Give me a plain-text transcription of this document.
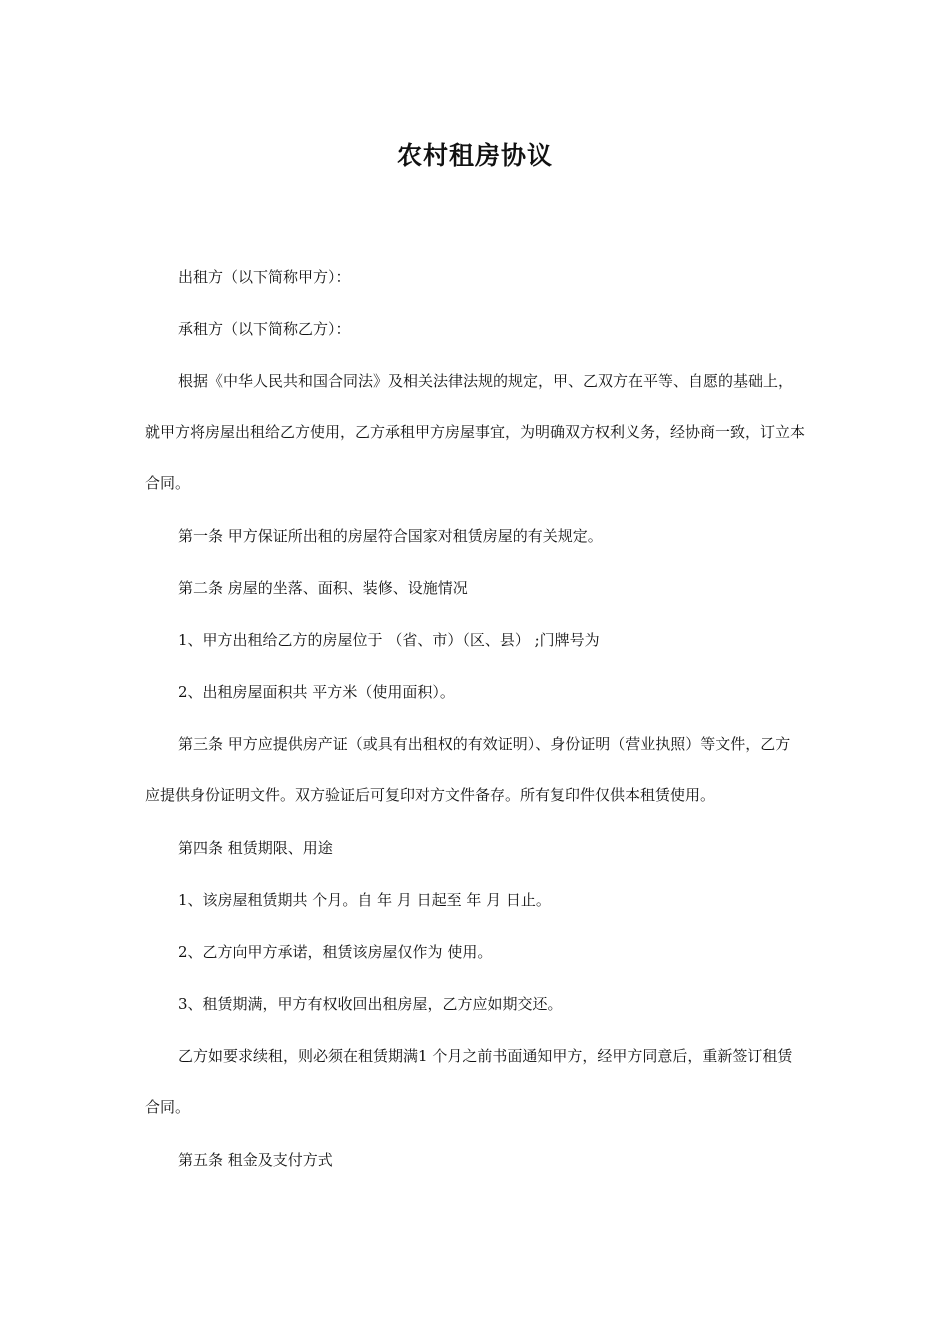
农村租房协议

出租方（以下简称甲方）：

承租方（以下简称乙方）：

根据《中华人民共和国合同法》及相关法律法规的规定，甲、乙双方在平等、自愿的基础上，就甲方将房屋出租给乙方使用，乙方承租甲方房屋事宜，为明确双方权利义务，经协商一致，订立本合同。

第一条 甲方保证所出租的房屋符合国家对租赁房屋的有关规定。

第二条 房屋的坐落、面积、装修、设施情况

1、甲方出租给乙方的房屋位于 （省、市）（区、县） ;门牌号为

2、出租房屋面积共 平方米（使用面积）。

第三条 甲方应提供房产证（或具有出租权的有效证明）、身份证明（营业执照）等文件，乙方应提供身份证明文件。双方验证后可复印对方文件备存。所有复印件仅供本租赁使用。

第四条 租赁期限、用途

1、该房屋租赁期共 个月。自 年 月 日起至 年 月 日止。

2、乙方向甲方承诺，租赁该房屋仅作为 使用。

3、租赁期满，甲方有权收回出租房屋，乙方应如期交还。

乙方如要求续租，则必须在租赁期满1 个月之前书面通知甲方，经甲方同意后，重新签订租赁合同。

第五条 租金及支付方式
